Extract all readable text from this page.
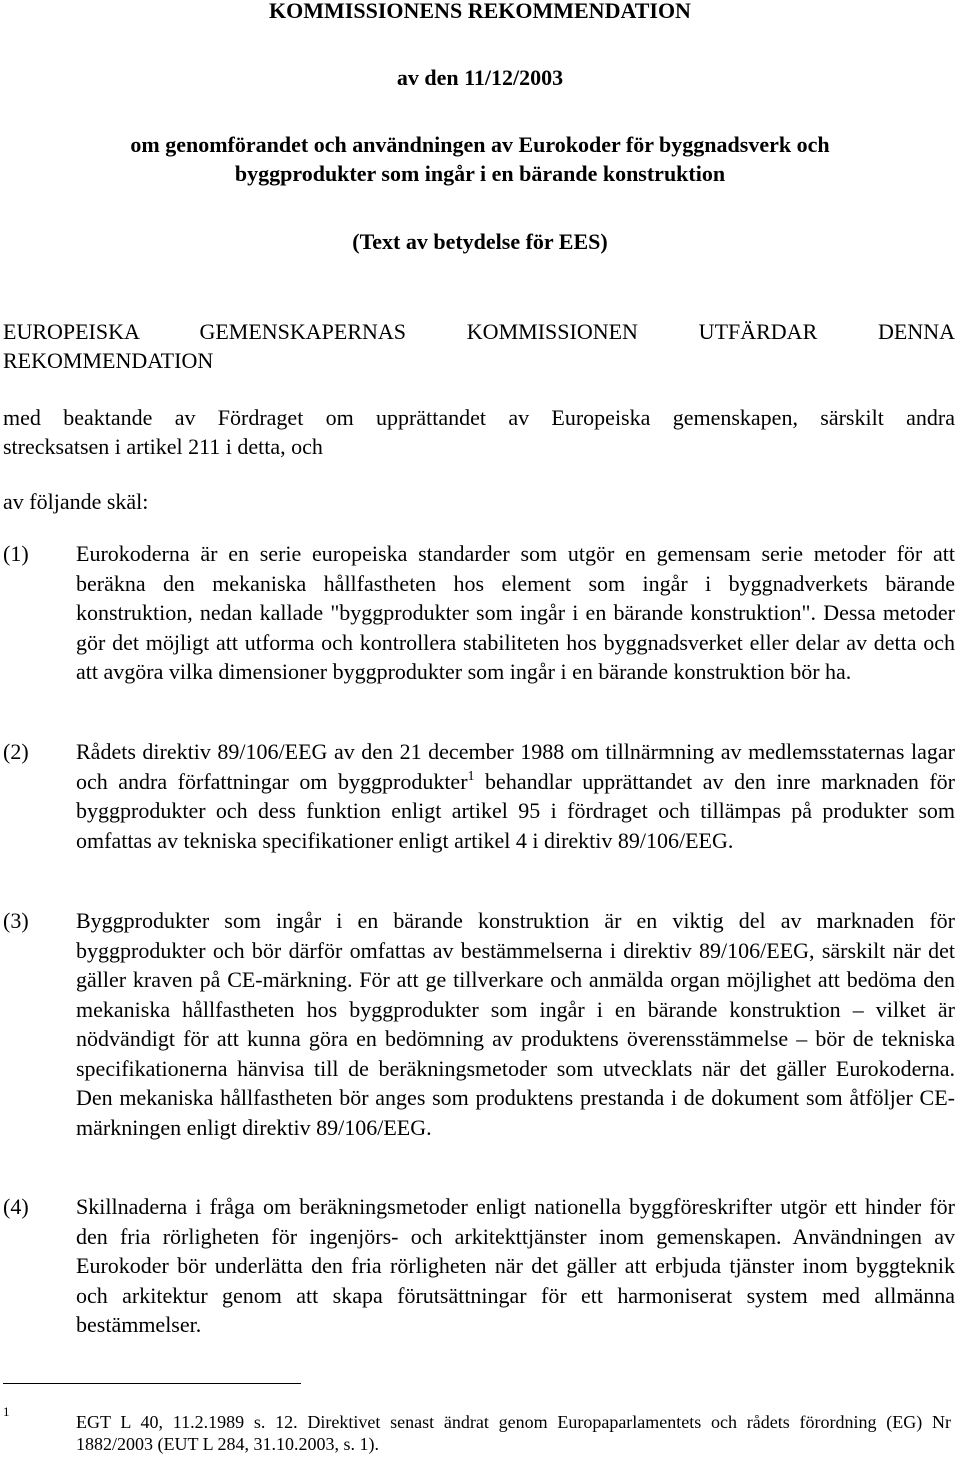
KOMMISSIONENS REKOMMENDATION
av den 11/12/2003
om genomförandet och användningen av Eurokoder för byggnadsverk och
byggprodukter som ingår i en bärande konstruktion
(Text av betydelse för EES)
EUROPEISKA GEMENSKAPERNAS KOMMISSIONEN UTFÄRDAR DENNA
REKOMMENDATION
med beaktande av Fördraget om upprättandet av Europeiska gemenskapen, särskilt andra
strecksatsen i artikel 211 i detta, och
av följande skäl:
(1) Eurokoderna är en serie europeiska standarder som utgör en gemensam serie metoder för att beräkna den mekaniska hållfastheten hos element som ingår i byggnadverkets bärande konstruktion, nedan kallade "byggprodukter som ingår i en bärande konstruktion". Dessa metoder gör det möjligt att utforma och kontrollera stabiliteten hos byggnadsverket eller delar av detta och att avgöra vilka dimensioner byggprodukter som ingår i en bärande konstruktion bör ha.
(2) Rådets direktiv 89/106/EEG av den 21 december 1988 om tillnärmning av medlemsstaternas lagar och andra författningar om byggprodukter$^1$ behandlar upprättandet av den inre marknaden för byggprodukter och dess funktion enligt artikel 95 i fördraget och tillämpas på produkter som omfattas av tekniska specifikationer enligt artikel 4 i direktiv 89/106/EEG.
(3) Byggprodukter som ingår i en bärande konstruktion är en viktig del av marknaden för byggprodukter och bör därför omfattas av bestämmelserna i direktiv 89/106/EEG, särskilt när det gäller kraven på CE-märkning. För att ge tillverkare och anmälda organ möjlighet att bedöma den mekaniska hållfastheten hos byggprodukter som ingår i en bärande konstruktion – vilket är nödvändigt för att kunna göra en bedömning av produktens överensstämmelse – bör de tekniska specifikationerna hänvisa till de beräkningsmetoder som utvecklats när det gäller Eurokoderna. Den mekaniska hållfastheten bör anges som produktens prestanda i de dokument som åtföljer CE-märkningen enligt direktiv 89/106/EEG.
(4) Skillnaderna i fråga om beräkningsmetoder enligt nationella byggföreskrifter utgör ett hinder för den fria rörligheten för ingenjörs- och arkitekttjänster inom gemenskapen. Användningen av Eurokoder bör underlätta den fria rörligheten när det gäller att erbjuda tjänster inom byggteknik och arkitektur genom att skapa förutsättningar för ett harmoniserat system med allmänna bestämmelser.
1
EGT L 40, 11.2.1989 s. 12. Direktivet senast ändrat genom Europaparlamentets och rådets förordning (EG) Nr 1882/2003 (EUT L 284, 31.10.2003, s. 1).
